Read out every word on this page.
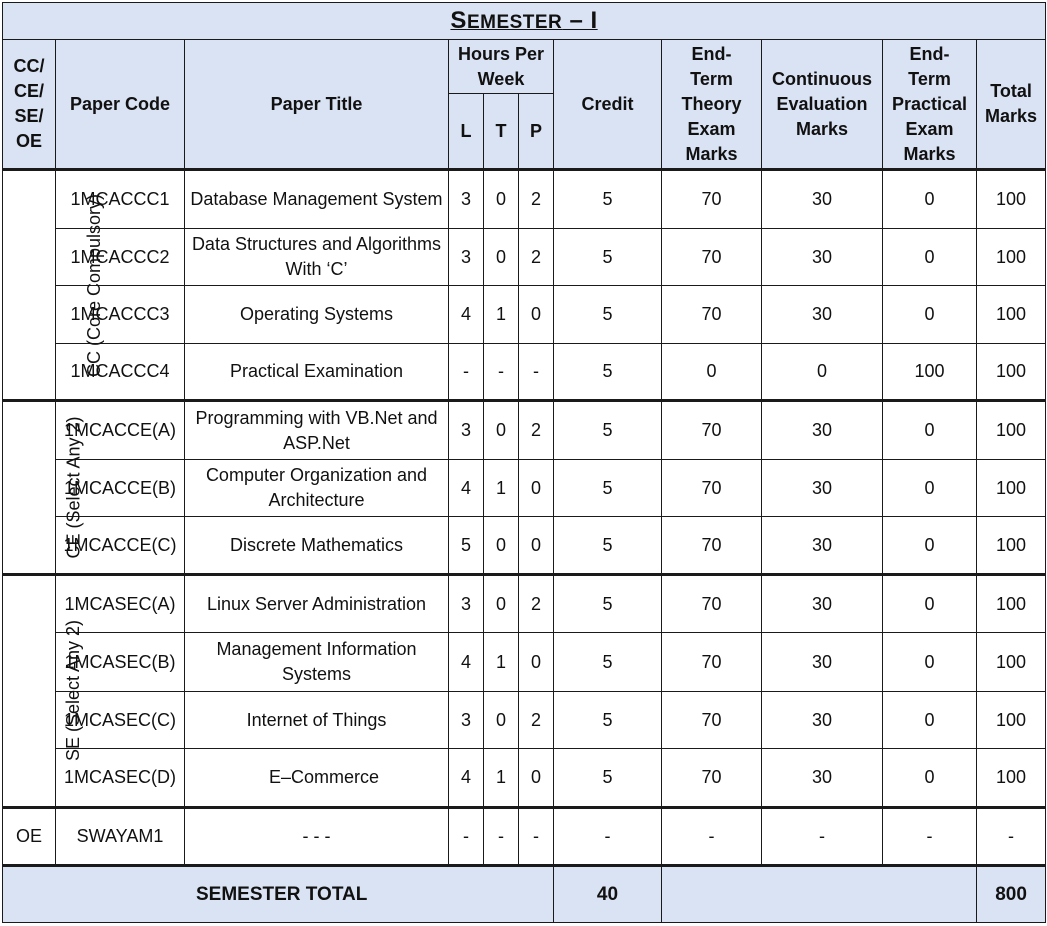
SEMESTER – I										
CC/ CE/ SE/ OE	Paper Code	Paper Title	Hours Per Week			Credit	End-Term Theory Exam Marks	Continuous Evaluation Marks	End-Term Practical Exam Marks	Total Marks
			L	T	P					
CC (Core Compulsory)	1MCACCC1	Database Management System	3	0	2	5	70	30	0	100
	1MCACCC2	Data Structures and Algorithms With ‘C’	3	0	2	5	70	30	0	100
	1MCACCC3	Operating Systems	4	1	0	5	70	30	0	100
	1MCACCC4	Practical Examination	-	-	-	5	0	0	100	100
CE (Select Any 2)	1MCACCE(A)	Programming with VB.Net and ASP.Net	3	0	2	5	70	30	0	100
	1MCACCE(B)	Computer Organization and Architecture	4	1	0	5	70	30	0	100
	1MCACCE(C)	Discrete Mathematics	5	0	0	5	70	30	0	100
SE (Select Any 2)	1MCASEC(A)	Linux Server Administration	3	0	2	5	70	30	0	100
	1MCASEC(B)	Management Information Systems	4	1	0	5	70	30	0	100
	1MCASEC(C)	Internet of Things	3	0	2	5	70	30	0	100
	1MCASEC(D)	E–Commerce	4	1	0	5	70	30	0	100
OE	SWAYAM1	- - -	-	-	-	-	-	-	-	-
SEMESTER TOTAL						40				800
